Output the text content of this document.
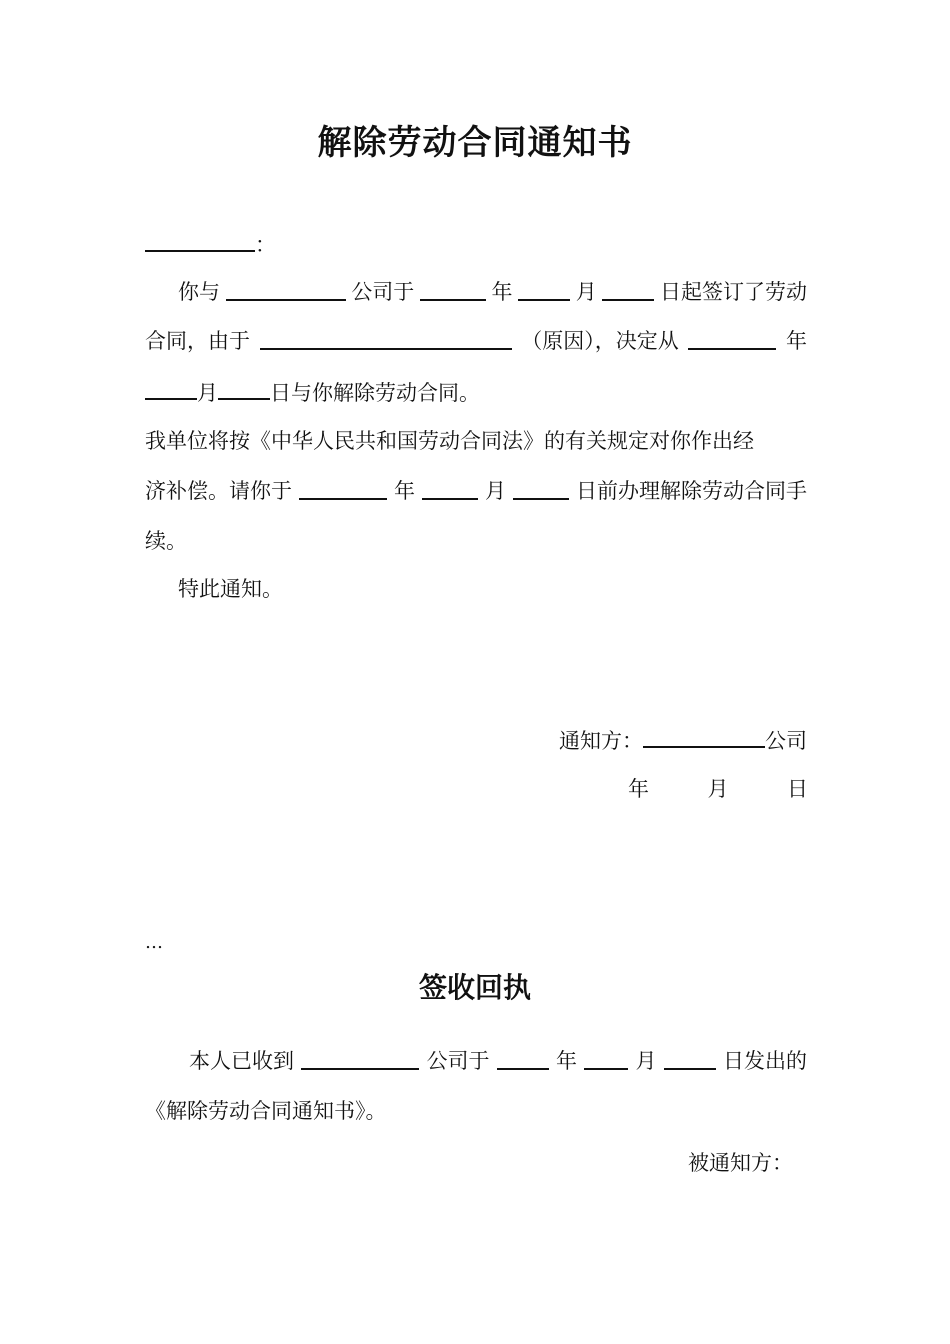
解除劳动合同通知书
：
你与	公司于	年	月	日起签订了劳动
合同，由于	（原因），决定从	年
月 日与你解除劳动合同。
我单位将按《中华人民共和国劳动合同法》的有关规定对你作出经
济补偿。请你于	年	月	日前办理解除劳动合同手
续。
特此通知。
通知方：	公司
年	月	日
…
签收回执
本人已收到	公司于	年	月	日发出的
《解除劳动合同通知书》。
被通知方：
